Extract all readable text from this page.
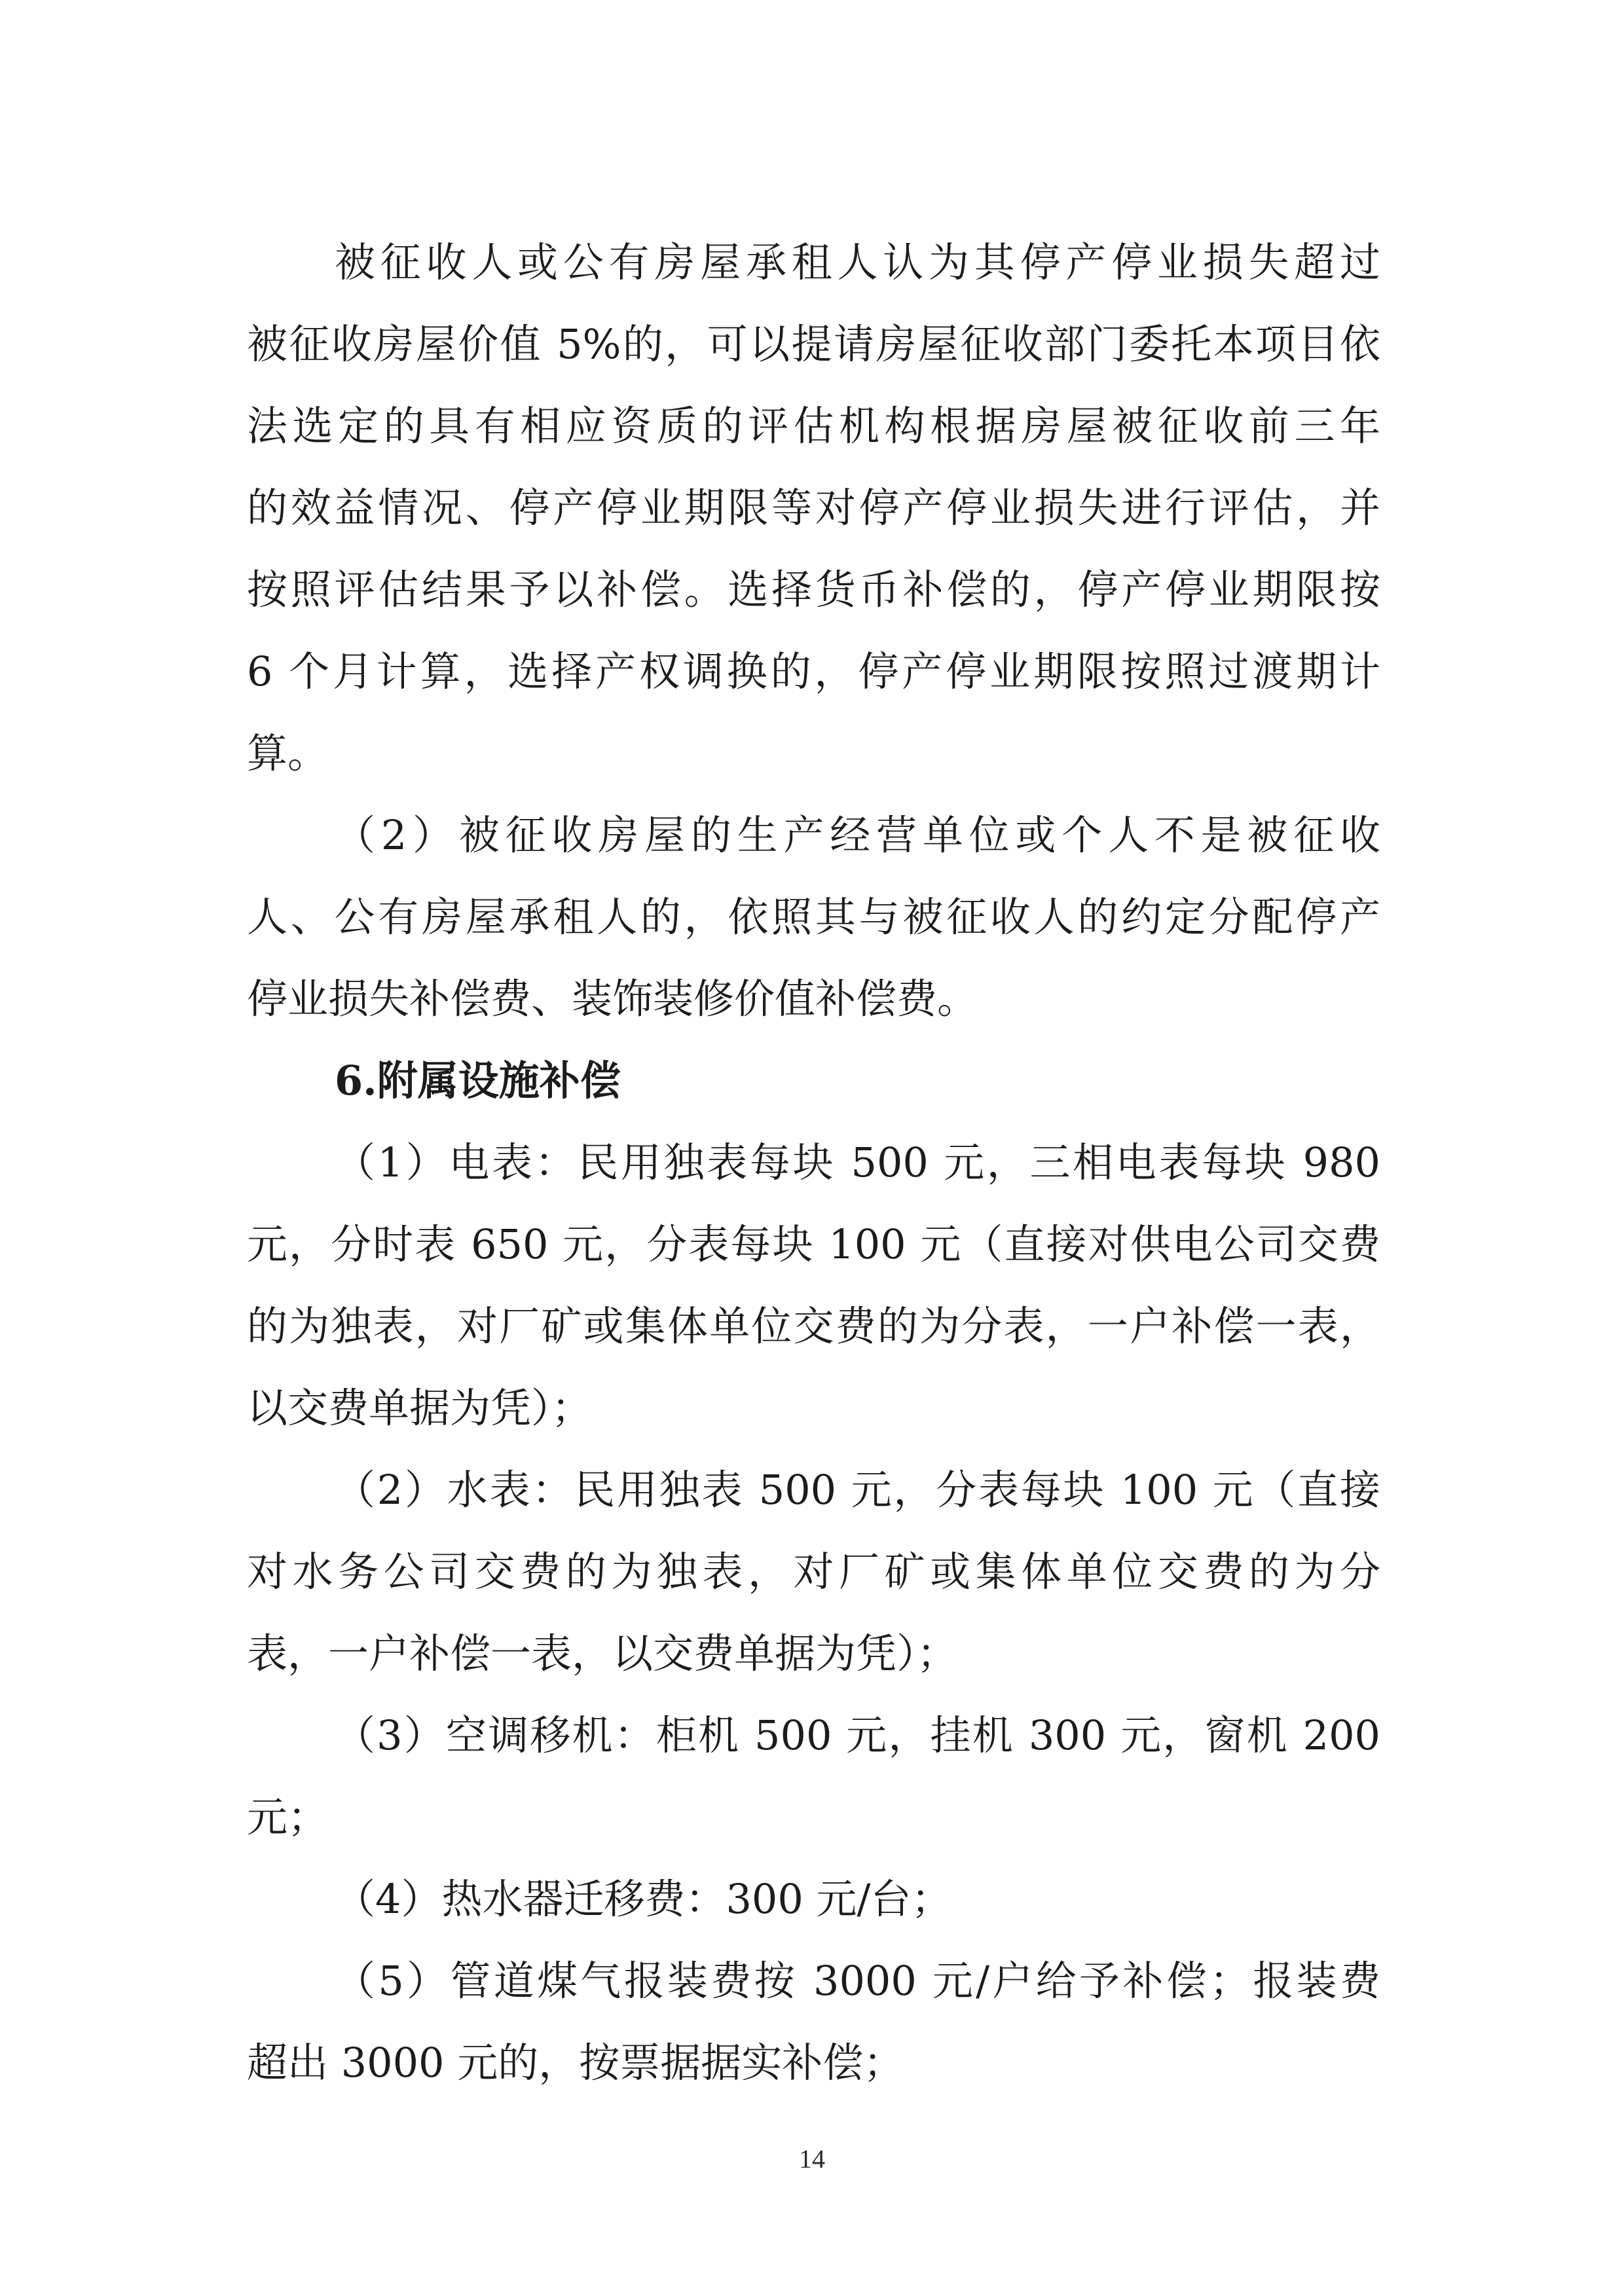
被征收人或公有房屋承租人认为其停产停业损失超过
被征收房屋价值 5%的，可以提请房屋征收部门委托本项目依
法选定的具有相应资质的评估机构根据房屋被征收前三年
的效益情况、停产停业期限等对停产停业损失进行评估，并
按照评估结果予以补偿。选择货币补偿的，停产停业期限按
6 个月计算，选择产权调换的，停产停业期限按照过渡期计
算。
（2）被征收房屋的生产经营单位或个人不是被征收
人、公有房屋承租人的，依照其与被征收人的约定分配停产
停业损失补偿费、装饰装修价值补偿费。
6.附属设施补偿
（1）电表：民用独表每块 500 元，三相电表每块 980
元，分时表 650 元，分表每块 100 元（直接对供电公司交费
的为独表，对厂矿或集体单位交费的为分表，一户补偿一表，
以交费单据为凭）；
（2）水表：民用独表 500 元，分表每块 100 元（直接
对水务公司交费的为独表，对厂矿或集体单位交费的为分
表，一户补偿一表，以交费单据为凭）；
（3）空调移机：柜机 500 元，挂机 300 元，窗机 200
元；
（4）热水器迁移费：300 元/台；
（5）管道煤气报装费按 3000 元/户给予补偿；报装费
超出 3000 元的，按票据据实补偿；
14
